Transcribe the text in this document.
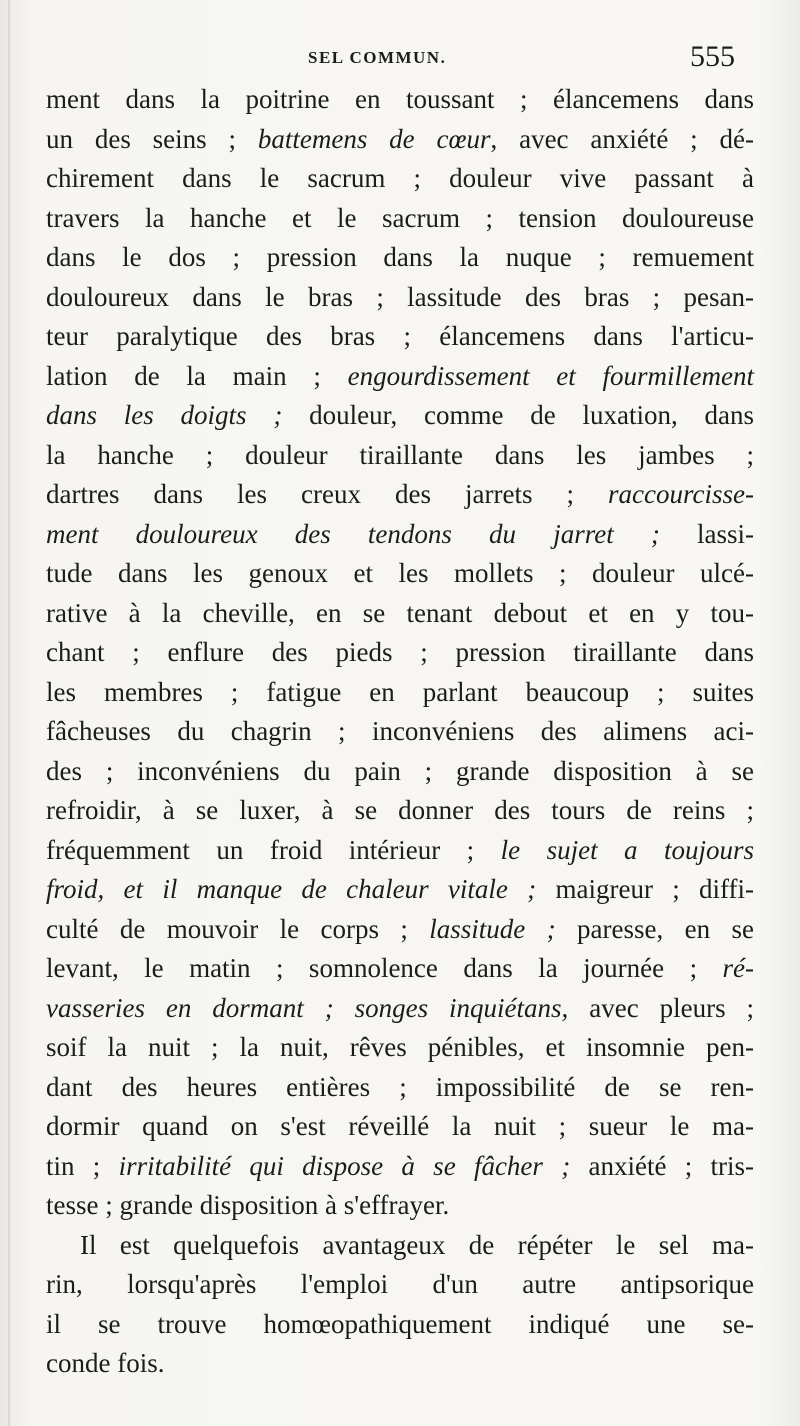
SEL COMMUN.	555
ment dans la poitrine en toussant ; élancemens dans
un des seins ; battemens de cœur, avec anxiété ; dé-
chirement dans le sacrum ; douleur vive passant à
travers la hanche et le sacrum ; tension douloureuse
dans le dos ; pression dans la nuque ; remuement
douloureux dans le bras ; lassitude des bras ; pesan-
teur paralytique des bras ; élancemens dans l'articu-
lation de la main ; engourdissement et fourmillement
dans les doigts ; douleur, comme de luxation, dans
la hanche ; douleur tiraillante dans les jambes ;
dartres dans les creux des jarrets ; raccourcisse-
ment douloureux des tendons du jarret ; lassi-
tude dans les genoux et les mollets ; douleur ulcé-
rative à la cheville, en se tenant debout et en y tou-
chant ; enflure des pieds ; pression tiraillante dans
les membres ; fatigue en parlant beaucoup ; suites
fâcheuses du chagrin ; inconvéniens des alimens aci-
des ; inconvéniens du pain ; grande disposition à se
refroidir, à se luxer, à se donner des tours de reins ;
fréquemment un froid intérieur ; le sujet a toujours
froid, et il manque de chaleur vitale ; maigreur ; diffi-
culté de mouvoir le corps ; lassitude ; paresse, en se
levant, le matin ; somnolence dans la journée ; ré-
vasseries en dormant ; songes inquiétans, avec pleurs ;
soif la nuit ; la nuit, rêves pénibles, et insomnie pen-
dant des heures entières ; impossibilité de se ren-
dormir quand on s'est réveillé la nuit ; sueur le ma-
tin ; irritabilité qui dispose à se fâcher ; anxiété ; tris-
tesse ; grande disposition à s'effrayer.
Il est quelquefois avantageux de répéter le sel ma-
rin, lorsqu'après l'emploi d'un autre antipsorique
il se trouve homœopathiquement indiqué une se-
conde fois.
